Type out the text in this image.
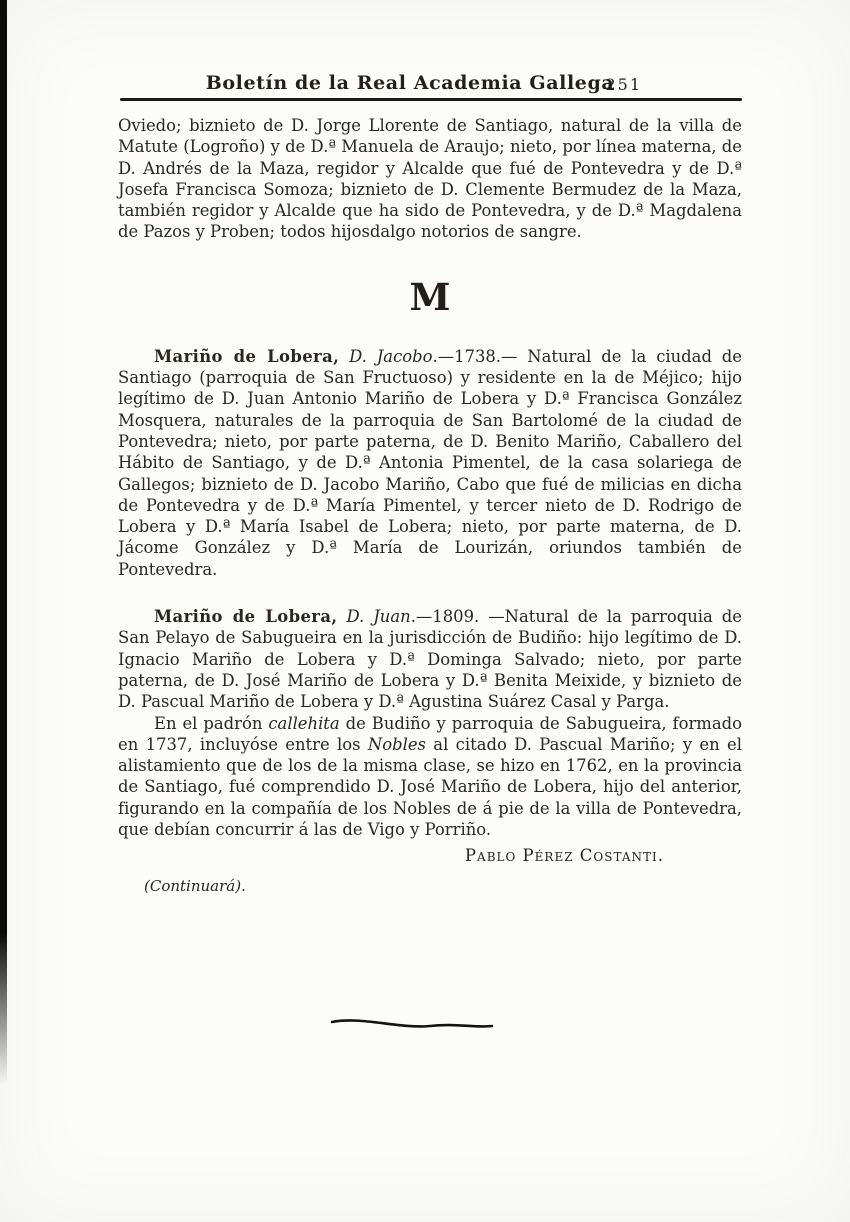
Boletín de la Real Academia Gallega
251

Oviedo; biznieto de D. Jorge Llorente de Santiago, natural de la villa de Matute (Logroño) y de D.ª Manuela de Araujo; nieto, por línea materna, de D. Andrés de la Maza, regidor y Alcalde que fué de Pontevedra y de D.ª Josefa Francisca Somoza; biznieto de D. Clemente Bermudez de la Maza, también regidor y Alcalde que ha sido de Pontevedra, y de D.ª Magdalena de Pazos y Proben; todos hijosdalgo notorios de sangre.

M

Mariño de Lobera, D. Jacobo.—1738.— Natural de la ciudad de Santiago (parroquia de San Fructuoso) y residente en la de Méjico; hijo legítimo de D. Juan Antonio Mariño de Lobera y D.ª Francisca González Mosquera, naturales de la parroquia de San Bartolomé de la ciudad de Pontevedra; nieto, por parte paterna, de D. Benito Mariño, Caballero del Hábito de Santiago, y de D.ª Antonia Pimentel, de la casa solariega de Gallegos; biznieto de D. Jacobo Mariño, Cabo que fué de milicias en dicha de Pontevedra y de D.ª María Pimentel, y tercer nieto de D. Rodrigo de Lobera y D.ª María Isabel de Lobera; nieto, por parte materna, de D. Jácome González y D.ª María de Lourizán, oriundos también de Pontevedra.

Mariño de Lobera, D. Juan.—1809. —Natural de la parroquia de San Pelayo de Sabugueira en la jurisdicción de Budiño: hijo legítimo de D. Ignacio Mariño de Lobera y D.ª Dominga Salvado; nieto, por parte paterna, de D. José Mariño de Lobera y D.ª Benita Meixide, y biznieto de D. Pascual Mariño de Lobera y D.ª Agustina Suárez Casal y Parga.

En el padrón callehita de Budiño y parroquia de Sabugueira, formado en 1737, incluyóse entre los Nobles al citado D. Pascual Mariño; y en el alistamiento que de los de la misma clase, se hizo en 1762, en la provincia de Santiago, fué comprendido D. José Mariño de Lobera, hijo del anterior, figurando en la compañía de los Nobles de á pie de la villa de Pontevedra, que debían concurrir á las de Vigo y Porriño.

Pablo Pérez Costanti.
(Continuará).
